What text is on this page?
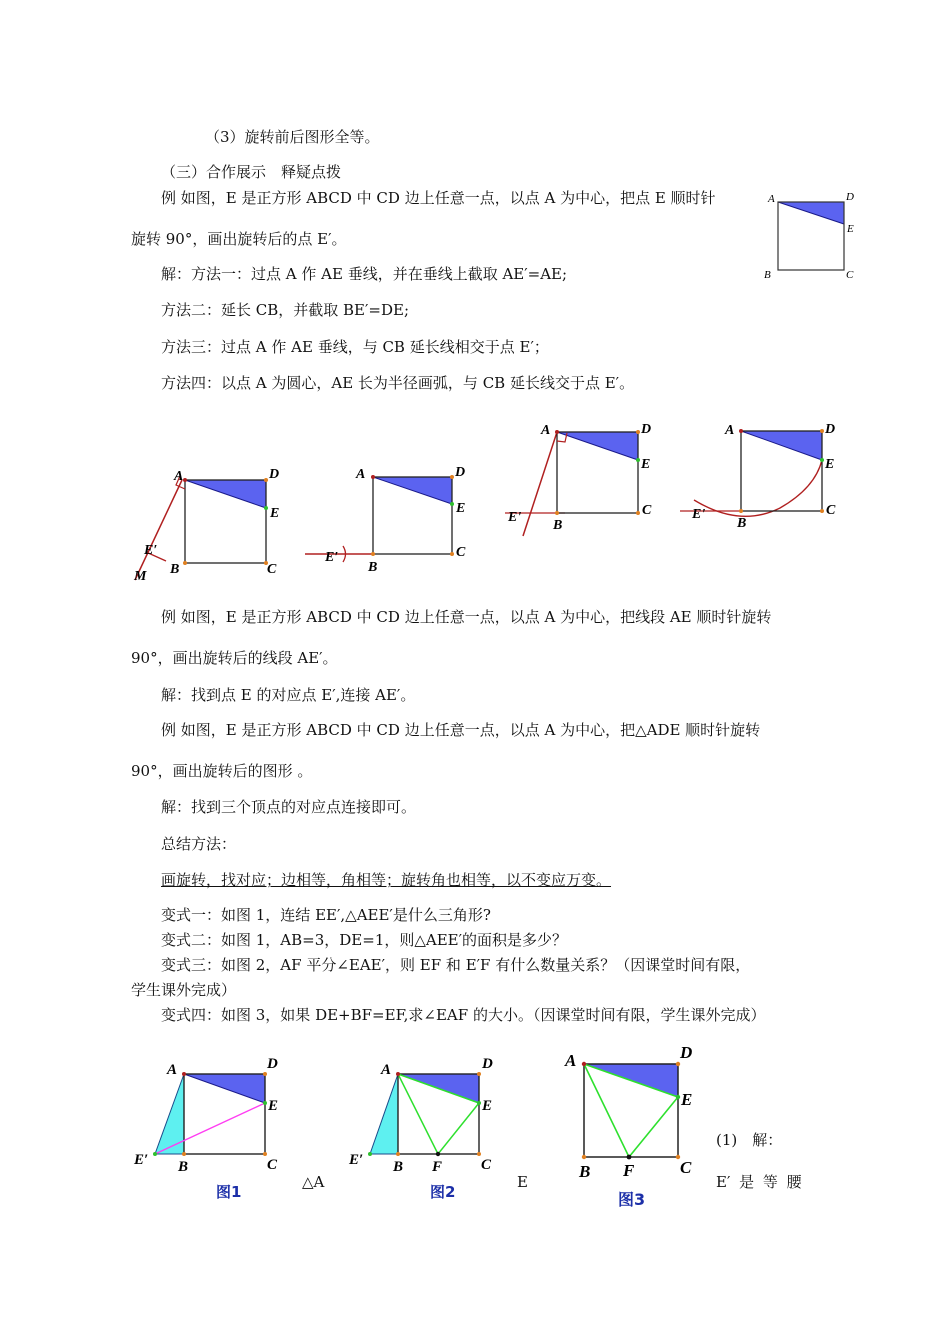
（3）旋转前后图形全等。
（三）合作展示　释疑点拨
例 如图，E 是正方形 ABCD 中 CD 边上任意一点，以点 A 为中心，把点 E 顺时针
旋转 90°，画出旋转后的点 E′。
解：方法一：过点 A 作 AE 垂线，并在垂线上截取 AE′=AE;
方法二：延长 CB，并截取 BE′=DE;
方法三：过点 A 作 AE 垂线，与 CB 延长线相交于点 E′；
方法四：以点 A 为圆心，AE 长为半径画弧，与 CB 延长线交于点 E′。
例 如图，E 是正方形 ABCD 中 CD 边上任意一点，以点 A 为中心，把线段 AE 顺时针旋转
90°，画出旋转后的线段 AE′。
解：找到点 E 的对应点 E′,连接 AE′。
例 如图，E 是正方形 ABCD 中 CD 边上任意一点，以点 A 为中心，把△ADE 顺时针旋转
90°，画出旋转后的图形 。
解：找到三个顶点的对应点连接即可。
总结方法：
画旋转，找对应；边相等，角相等；旋转角也相等，以不变应万变。
变式一：如图 1，连结 EE′,△AEE′是什么三角形?
变式二：如图 1，AB=3，DE=1，则△AEE′的面积是多少？
变式三：如图 2，AF 平分∠EAE′，则 EF 和 E′F 有什么数量关系？（因课堂时间有限，
学生课外完成）
变式四：如图 3，如果 DE+BF=EF,求∠EAF 的大小。（因课堂时间有限，学生课外完成）
△A	E
(1)　解：
E′ 是 等 腰
A	D
E
B	C
A	D
E
B	C
E′
M
A	D
E
B
C
E′
A	D
E
B
C
E'
A	D
E
B
C
E'
A	D
E
B	C
E′
图1
A	D
E
B F	C
E′
图2
A	D
E
B F	C
图3
